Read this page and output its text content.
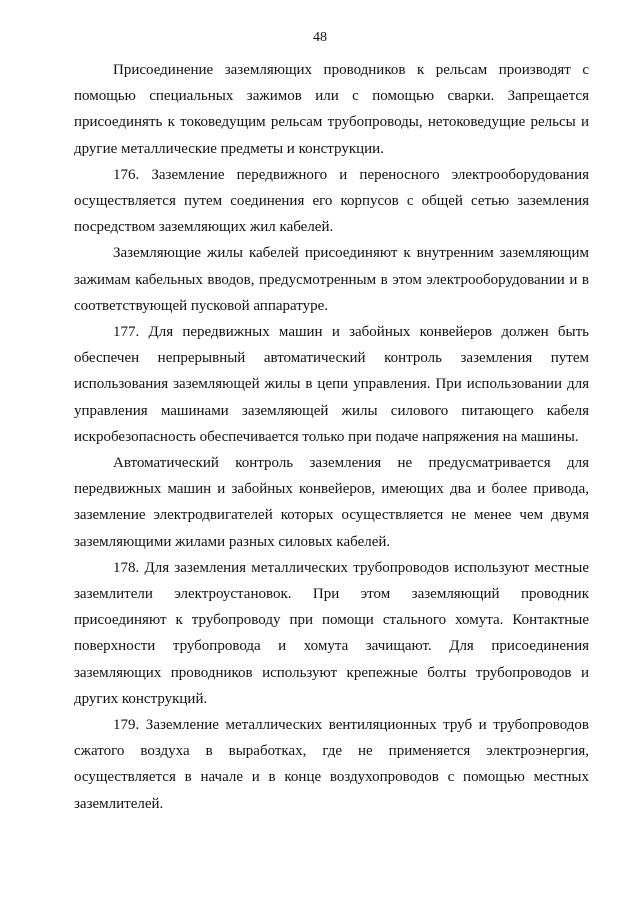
48

Присоединение заземляющих проводников к рельсам производят с помощью специальных зажимов или с помощью сварки. Запрещается присоединять к токоведущим рельсам трубопроводы, нетоковедущие рельсы и другие металлические предметы и конструкции.

176. Заземление передвижного и переносного электрооборудования осуществляется путем соединения его корпусов с общей сетью заземления посредством заземляющих жил кабелей.

Заземляющие жилы кабелей присоединяют к внутренним заземляющим зажимам кабельных вводов, предусмотренным в этом электрооборудовании и в соответствующей пусковой аппаратуре.

177. Для передвижных машин и забойных конвейеров должен быть обеспечен непрерывный автоматический контроль заземления путем использования заземляющей жилы в цепи управления. При использовании для управления машинами заземляющей жилы силового питающего кабеля искробезопасность обеспечивается только при подаче напряжения на машины.

Автоматический контроль заземления не предусматривается для передвижных машин и забойных конвейеров, имеющих два и более привода, заземление электродвигателей которых осуществляется не менее чем двумя заземляющими жилами разных силовых кабелей.

178. Для заземления металлических трубопроводов используют местные заземлители электроустановок. При этом заземляющий проводник присоединяют к трубопроводу при помощи стального хомута. Контактные поверхности трубопровода и хомута зачищают. Для присоединения заземляющих проводников используют крепежные болты трубопроводов и других конструкций.

179. Заземление металлических вентиляционных труб и трубопроводов сжатого воздуха в выработках, где не применяется электроэнергия, осуществляется в начале и в конце воздухопроводов с помощью местных заземлителей.
